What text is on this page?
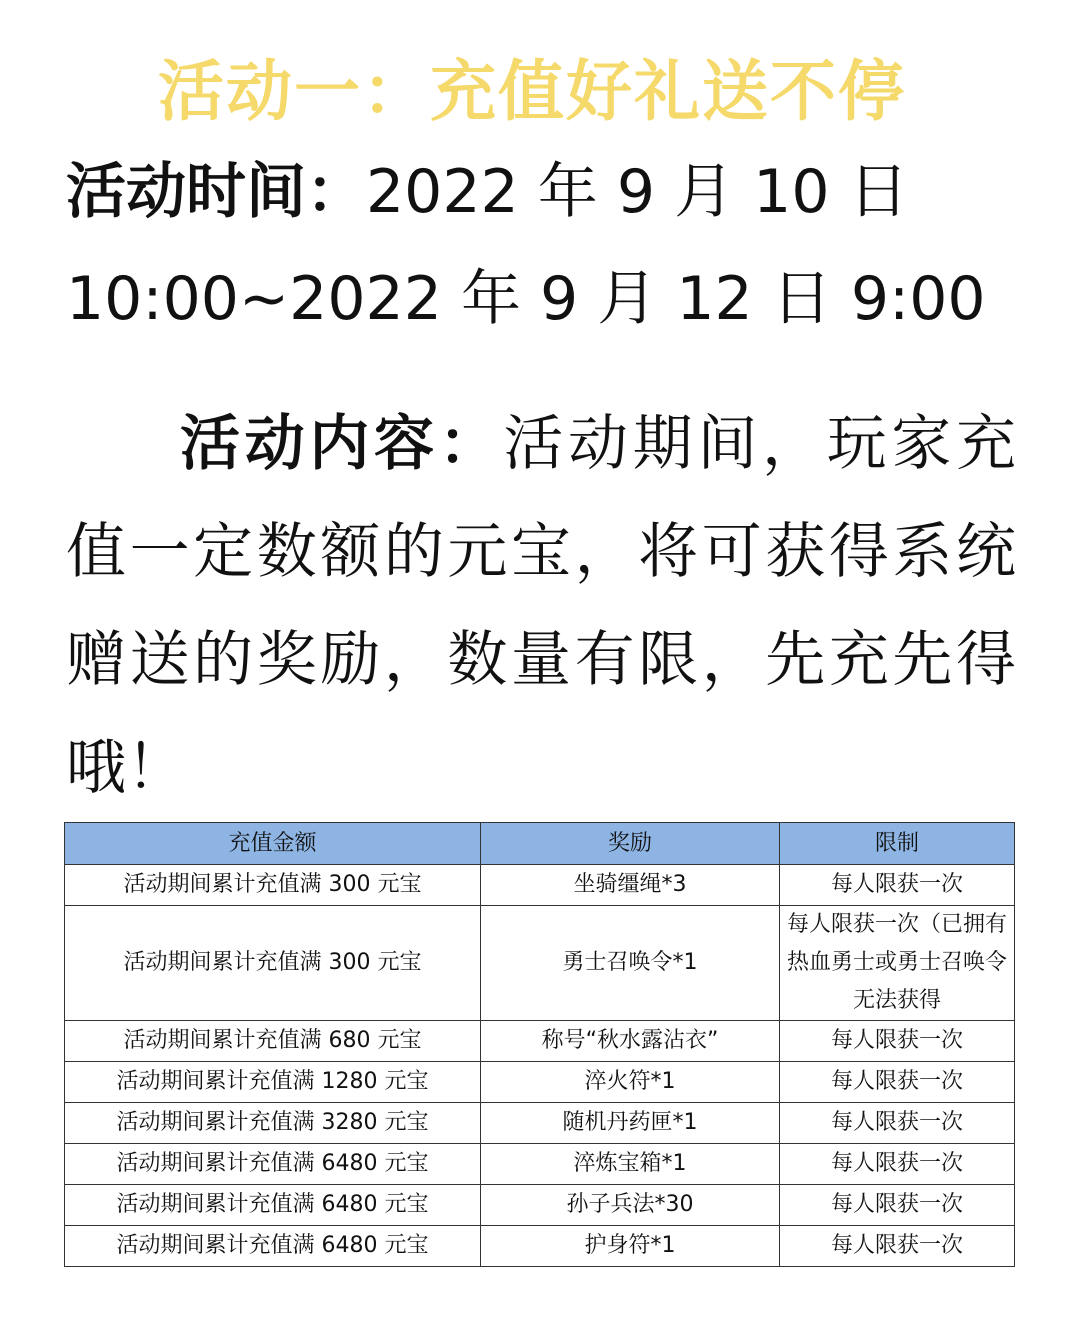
活动一：充值好礼送不停
活动时间：2022 年 9 月 10 日
10:00~2022 年 9 月 12 日 9:00
活动内容：活动期间，玩家充值一定数额的元宝，将可获得系统赠送的奖励，数量有限，先充先得哦！
充值金额	奖励	限制
活动期间累计充值满 300 元宝	坐骑缰绳*3	每人限获一次
活动期间累计充值满 300 元宝	勇士召唤令*1	每人限获一次（已拥有热血勇士或勇士召唤令无法获得
活动期间累计充值满 680 元宝	称号“秋水露沾衣”	每人限获一次
活动期间累计充值满 1280 元宝	淬火符*1	每人限获一次
活动期间累计充值满 3280 元宝	随机丹药匣*1	每人限获一次
活动期间累计充值满 6480 元宝	淬炼宝箱*1	每人限获一次
活动期间累计充值满 6480 元宝	孙子兵法*30	每人限获一次
活动期间累计充值满 6480 元宝	护身符*1	每人限获一次
